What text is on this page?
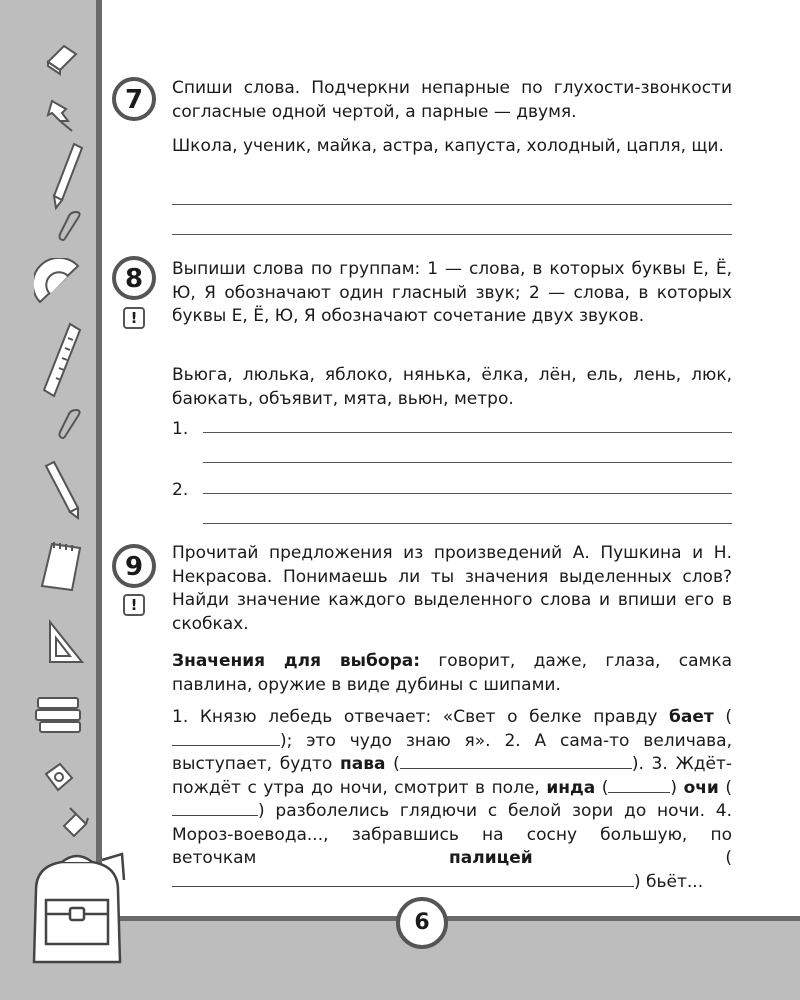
7	Спиши слова. Подчеркни непарные по глухости-звонкости согласные одной чертой, а парные — двумя.
Школа, ученик, майка, астра, капуста, холодный, цапля, щи.
8
!
Выпиши слова по группам: 1 — слова, в которых буквы Е, Ё, Ю, Я обозначают один гласный звук; 2 — слова, в которых буквы Е, Ё, Ю, Я обозначают сочетание двух звуков.
Вьюга, люлька, яблоко, нянька, ёлка, лён, ель, лень, люк, баюкать, объявит, мята, вьюн, метро.
1.
2.
9
!
Прочитай предложения из произведений А. Пушкина и Н. Некрасова. Понимаешь ли ты значения выделенных слов? Найди значение каждого выделенного слова и впиши его в скобках.
Значения для выбора: говорит, даже, глаза, самка павлина, оружие в виде дубины с шипами.
1. Князю лебедь отвечает: «Свет о белке правду бает (); это чудо знаю я». 2. А сама-то величава, выступает, будто пава (	). 3. Ждёт-пождёт с утра до ночи, смотрит в поле, инда (	) очи () разболелись глядючи с белой зори до ночи. 4. Мороз-воевода..., забравшись на сосну большую, по веточкам	палицей () бьёт...
6
